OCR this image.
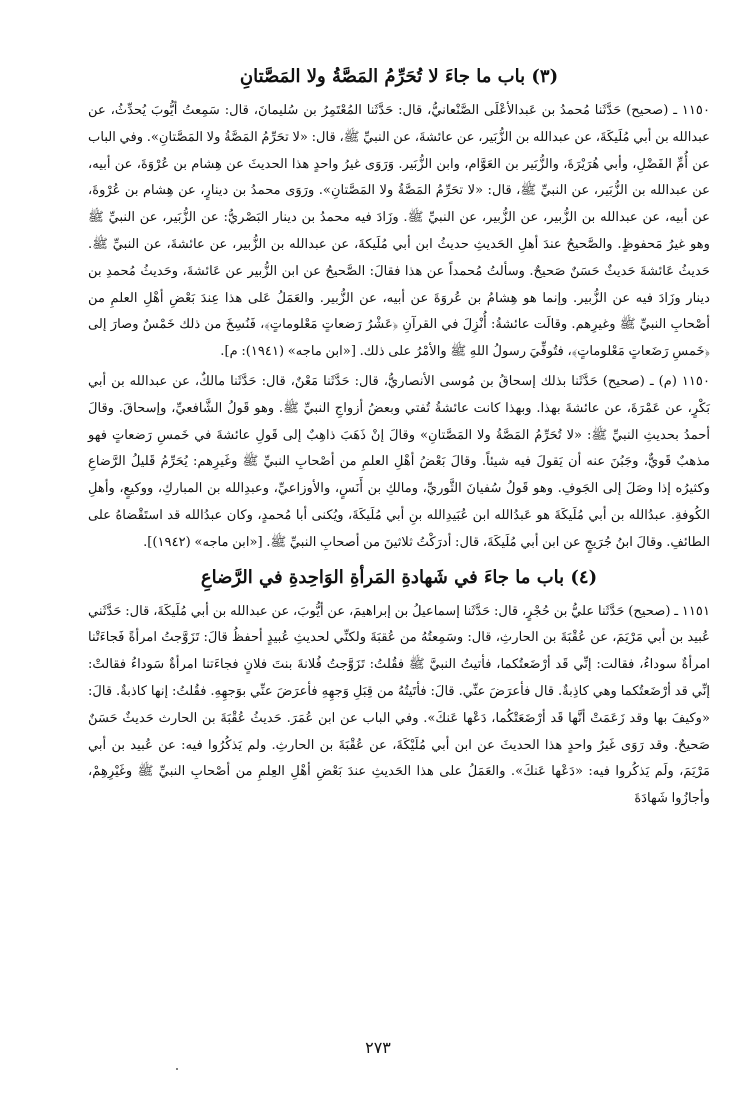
(٣) باب ما جاءَ لا تُحَرِّمُ المَصَّةُ ولا المَصَّتانِ

١١٥٠ ـ (صحيح) حَدَّثَنا مُحمدُ بن عَبدالأعْلَى الصَّنْعانيُّ، قال: حَدَّثَنا المُعْتَمِرُ بن سُليمانَ، قال: سَمِعتُ أيُّوبَ يُحدِّثُ، عن عبدالله بن أبي مُلَيكَةَ، عن عبدالله بن الزُّبَير، عن عائشةَ، عن النبيِّ ﷺ، قال: «لا تحَرِّمُ المَصَّةُ ولا المَصَّتانِ». وفي الباب عن أُمِّ الفَضْلِ، وأبي هُرَيْرَةَ، والزُّبَير بن العَوَّام، وابن الزُّبَير. وَرَوَى غيرُ واحدٍ هذا الحديثَ عن هِشام بن عُرْوَةَ، عن أبيه، عن عبدالله بن الزُّبَير، عن النبيِّ ﷺ، قال: «لا تحَرِّمُ المَصَّةُ ولا المَصَّتانِ». ورَوَى محمدُ بن دينارٍ، عن هِشام بن عُرْوةَ، عن أبيه، عن عبدالله بن الزُّبير، عن الزُّبير، عن النبيِّ ﷺ. وزَادَ فيه محمدُ بن دينار البَصْريُّ: عن الزُّبَير، عن النبيِّ ﷺ وهو غيرُ مَحفوظٍ. والصَّحيحُ عندَ أهلِ الحَديثِ حديثُ ابن أبي مُلَيكةَ، عن عبدالله بن الزُّبير، عن عائشةَ، عن النبيِّ ﷺ. حَديثُ عَائشةَ حَديثٌ حَسَنٌ صَحيحٌ. وسألتُ مُحمداً عن هذا فقالَ: الصَّحيحُ عن ابن الزُّبير عن عَائشةَ، وحَديثُ مُحمدِ بن دينار وزَادَ فيه عن الزُّبير. وإنما هو هِشامُ بن عُروَةَ عن أبيه، عن الزُّبير. والعَمَلُ عَلى هذا عِندَ بَعْضِ أهْلِ العلمِ من أصْحابِ النبيِّ ﷺ وغيرِهم. وقالَت عائشةُ: أُنْزِلَ في القرآنِ ﴿عَشْرُ رَضعاتٍ مَعْلوماتٍ﴾، فَنُسِخَ من ذلك خَمْسٌ وصارَ إلى ﴿خَمسِ رَضَعاتٍ مَعْلوماتٍ﴾، فتُوفِّيَ رسولُ اللهِ ﷺ والأمْرُ على ذلك. [«ابن ماجه» (١٩٤١): م].

١١٥٠ (م) ـ (صحيح) حَدَّثَنا بذلك إسحاقُ بن مُوسى الأنصاريُّ، قال: حَدَّثَنا مَعْنٌ، قال: حَدَّثَنا مالكٌ، عن عبدالله بن أبي بَكْرٍ، عن عَمْرَةَ، عن عائشةَ بهذا. وبهذا كانت عائشةُ تُفتي وبعضُ أزواجِ النبيِّ ﷺ. وهو قَولُ الشَّافعيِّ، وإسحاقَ. وقالَ أحمدُ بحديثِ النبيِّ ﷺ: «لا تُحَرِّمُ المَصَّةُ ولا المَصَّتانِ» وقالَ إنْ ذَهَبَ ذاهِبٌ إلى قَولِ عائشةَ في خَمسِ رَضعاتٍ فهو مذهبٌ قَويٌّ، وجَبُنَ عنه أن يَقولَ فيه شيئاً. وقالَ بَعْضُ أهْلِ العلمِ من أصْحابِ النبيِّ ﷺ وغَيرِهم: يُحَرِّمُ قَليلُ الرَّضاعِ وكثيرُه إذا وصَلَ إلى الجَوفِ. وهو قَولُ سُفيانَ الثَّوريِّ، ومالكِ بن أَنَسٍ، والأوزاعيِّ، وعبدِالله بن المباركِ، ووكيعٍ، وأهلِ الكُوفةِ. عبدُالله بن أبي مُلَيكَةَ هو عَبدُالله ابن عُبَيدِالله بنِ أبي مُلَيكَةَ، ويُكنى أبا مُحمدٍ، وكان عبدُالله قد استَقْضاهُ على الطائفِ. وقالَ ابنُ جُرَيجٍ عن ابن أبي مُلَيكَةَ، قال: أدرَكْتُ ثلاثينَ من أصحابِ النبيِّ ﷺ. [«ابن ماجه» (١٩٤٢)].

(٤) باب ما جاءَ في شَهادةِ المَرأةِ الوَاحِدةِ في الرَّضاعِ

١١٥١ ـ (صحيح) حَدَّثَنا عليُّ بن حُجْرٍ، قال: حَدَّثَنا إسماعيلُ بن إبراهيمَ، عن أيُّوبَ، عن عبدالله بن أبي مُلَيكَةَ، قال: حَدَّثَني عُبيد بن أبي مَرْيَمَ، عن عُقْبَةَ بن الحارثِ، قال: وسَمِعتُهُ من عُقبَةَ ولكنِّي لحديثِ عُبيدٍ أحفظُ قالَ: تَزَوَّجتُ امرأةً فَجاءَتْنا امرأةٌ سوداءُ، فقالت: إنِّي قَد أرْضَعتُكما، فأتيتُ النبيَّ ﷺ فقُلتُ: تَزَوَّجتُ فُلانةَ بنتَ فلانٍ فجاءَتنا امرأةٌ سَوداءُ فقالتْ: إنِّي قد أرْضَعتُكما وهي كاذِبةٌ. قال فأعرَضَ عنِّي. قالَ: فأتَيتُهُ من قِبَلِ وَجهِهِ فأعرَضَ عنِّي بوَجهِهِ. فقُلتُ: إنها كاذبةٌ. قالَ: «وكيفَ بها وقد زَعَمَتْ أنَّها قَد أرْضَعَتْكُما، دَعْها عَنكَ». وفي الباب عن ابن عُمَرَ. حَديثُ عُقْبَةَ بن الحارث حَديثٌ حَسَنٌ صَحيحٌ. وقد رَوَى غَيرُ واحدٍ هذا الحديثَ عن ابن أبي مُلَيْكَةَ، عن عُقْبَةَ بن الحارثِ. ولم يَذكُرُوا فيه: عن عُبيد بن أبي مَرْيَمَ، ولَم يَذكُروا فيه: «دَعْها عَنكَ». والعَمَلُ على هذا الحَديثِ عندَ بَعْضِ أهْلِ العِلمِ من أصْحابِ النبيِّ ﷺ وغَيْرِهِمْ، وأجازُوا شَهادَةَ

٢٧٣
